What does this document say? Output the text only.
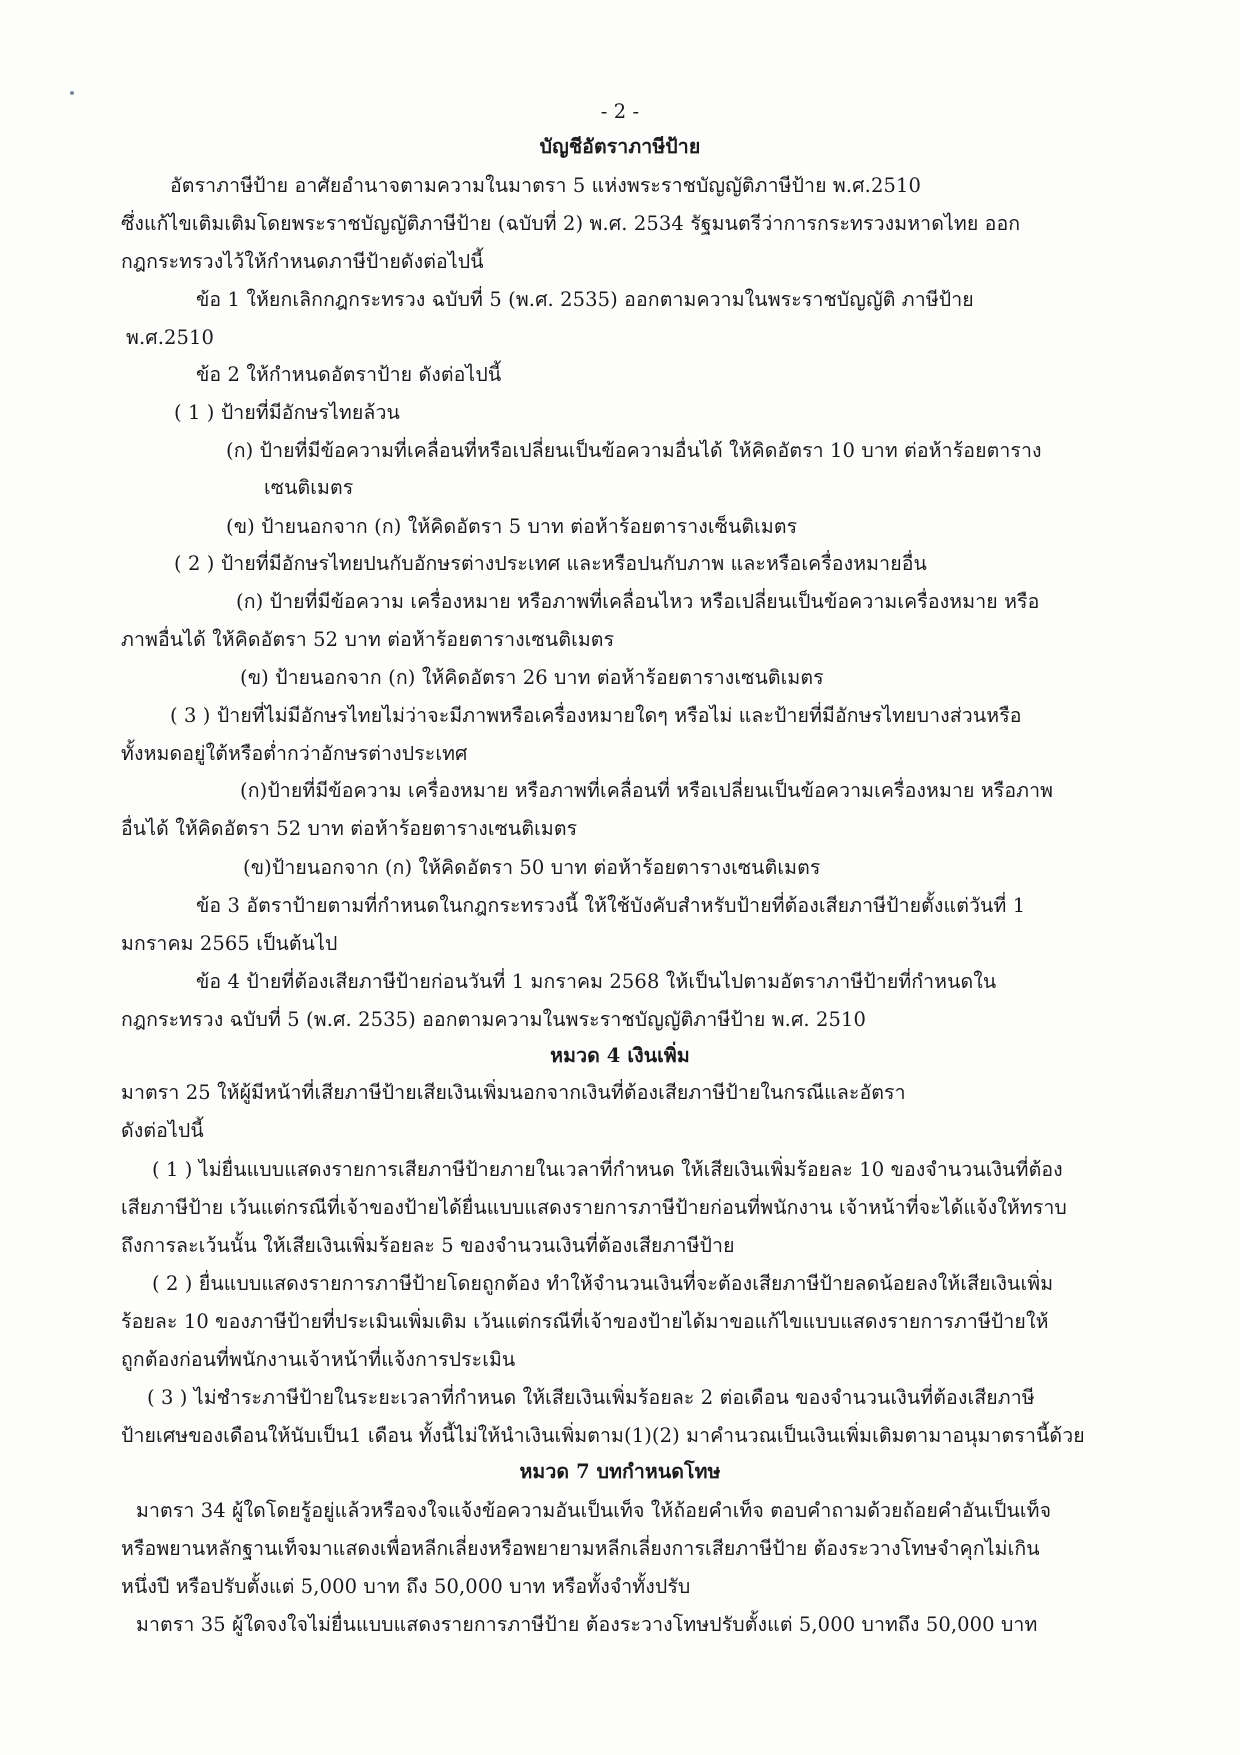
- 2 -

บัญชีอัตราภาษีป้าย

อัตราภาษีป้าย อาศัยอำนาจตามความในมาตรา 5 แห่งพระราชบัญญัติภาษีป้าย พ.ศ.2510

ซึ่งแก้ไขเติมเติมโดยพระราชบัญญัติภาษีป้าย (ฉบับที่ 2) พ.ศ. 2534 รัฐมนตรีว่าการกระทรวงมหาดไทย ออก

กฎกระทรวงไว้ให้กำหนดภาษีป้ายดังต่อไปนี้

ข้อ 1 ให้ยกเลิกกฎกระทรวง ฉบับที่ 5 (พ.ศ. 2535) ออกตามความในพระราชบัญญัติ ภาษีป้าย

พ.ศ.2510

ข้อ 2 ให้กำหนดอัตราป้าย ดังต่อไปนี้

( 1 ) ป้ายที่มีอักษรไทยล้วน

(ก) ป้ายที่มีข้อความที่เคลื่อนที่หรือเปลี่ยนเป็นข้อความอื่นได้ ให้คิดอัตรา 10 บาท ต่อห้าร้อยตาราง

เซนติเมตร

(ข) ป้ายนอกจาก (ก) ให้คิดอัตรา 5 บาท ต่อห้าร้อยตารางเซ็นติเมตร

( 2 ) ป้ายที่มีอักษรไทยปนกับอักษรต่างประเทศ และหรือปนกับภาพ และหรือเครื่องหมายอื่น

(ก) ป้ายที่มีข้อความ เครื่องหมาย หรือภาพที่เคลื่อนไหว หรือเปลี่ยนเป็นข้อความเครื่องหมาย หรือ

ภาพอื่นได้ ให้คิดอัตรา 52 บาท ต่อห้าร้อยตารางเซนติเมตร

(ข) ป้ายนอกจาก (ก) ให้คิดอัตรา 26 บาท ต่อห้าร้อยตารางเซนติเมตร

( 3 ) ป้ายที่ไม่มีอักษรไทยไม่ว่าจะมีภาพหรือเครื่องหมายใดๆ หรือไม่ และป้ายที่มีอักษรไทยบางส่วนหรือ

ทั้งหมดอยู่ใต้หรือต่ำกว่าอักษรต่างประเทศ

(ก)ป้ายที่มีข้อความ เครื่องหมาย หรือภาพที่เคลื่อนที่ หรือเปลี่ยนเป็นข้อความเครื่องหมาย หรือภาพ

อื่นได้ ให้คิดอัตรา 52 บาท ต่อห้าร้อยตารางเซนติเมตร

(ข)ป้ายนอกจาก (ก) ให้คิดอัตรา 50 บาท ต่อห้าร้อยตารางเซนติเมตร

ข้อ 3 อัตราป้ายตามที่กำหนดในกฎกระทรวงนี้ ให้ใช้บังคับสำหรับป้ายที่ต้องเสียภาษีป้ายตั้งแต่วันที่ 1

มกราคม 2565 เป็นต้นไป

ข้อ 4 ป้ายที่ต้องเสียภาษีป้ายก่อนวันที่ 1 มกราคม 2568 ให้เป็นไปตามอัตราภาษีป้ายที่กำหนดใน

กฎกระทรวง ฉบับที่ 5 (พ.ศ. 2535) ออกตามความในพระราชบัญญัติภาษีป้าย พ.ศ. 2510

หมวด 4 เงินเพิ่ม

มาตรา 25 ให้ผู้มีหน้าที่เสียภาษีป้ายเสียเงินเพิ่มนอกจากเงินที่ต้องเสียภาษีป้ายในกรณีและอัตรา

ดังต่อไปนี้

( 1 ) ไม่ยื่นแบบแสดงรายการเสียภาษีป้ายภายในเวลาที่กำหนด ให้เสียเงินเพิ่มร้อยละ 10 ของจำนวนเงินที่ต้อง

เสียภาษีป้าย เว้นแต่กรณีที่เจ้าของป้ายได้ยื่นแบบแสดงรายการภาษีป้ายก่อนที่พนักงาน เจ้าหน้าที่จะได้แจ้งให้ทราบ

ถึงการละเว้นนั้น ให้เสียเงินเพิ่มร้อยละ 5 ของจำนวนเงินที่ต้องเสียภาษีป้าย

( 2 ) ยื่นแบบแสดงรายการภาษีป้ายโดยถูกต้อง ทำให้จำนวนเงินที่จะต้องเสียภาษีป้ายลดน้อยลงให้เสียเงินเพิ่ม

ร้อยละ 10 ของภาษีป้ายที่ประเมินเพิ่มเติม เว้นแต่กรณีที่เจ้าของป้ายได้มาขอแก้ไขแบบแสดงรายการภาษีป้ายให้

ถูกต้องก่อนที่พนักงานเจ้าหน้าที่แจ้งการประเมิน

( 3 ) ไม่ชำระภาษีป้ายในระยะเวลาที่กำหนด ให้เสียเงินเพิ่มร้อยละ 2 ต่อเดือน ของจำนวนเงินที่ต้องเสียภาษี

ป้ายเศษของเดือนให้นับเป็น1 เดือน ทั้งนี้ไม่ให้นำเงินเพิ่มตาม(1)(2) มาคำนวณเป็นเงินเพิ่มเติมตามาอนุมาตรานี้ด้วย

หมวด 7 บทกำหนดโทษ

มาตรา 34 ผู้ใดโดยรู้อยู่แล้วหรือจงใจแจ้งข้อความอันเป็นเท็จ ให้ถ้อยคำเท็จ ตอบคำถามด้วยถ้อยคำอันเป็นเท็จ

หรือพยานหลักฐานเท็จมาแสดงเพื่อหลีกเลี่ยงหรือพยายามหลีกเลี่ยงการเสียภาษีป้าย ต้องระวางโทษจำคุกไม่เกิน

หนึ่งปี หรือปรับตั้งแต่ 5,000 บาท ถึง 50,000 บาท หรือทั้งจำทั้งปรับ

มาตรา 35 ผู้ใดจงใจไม่ยื่นแบบแสดงรายการภาษีป้าย ต้องระวางโทษปรับตั้งแต่ 5,000 บาทถึง 50,000 บาท
